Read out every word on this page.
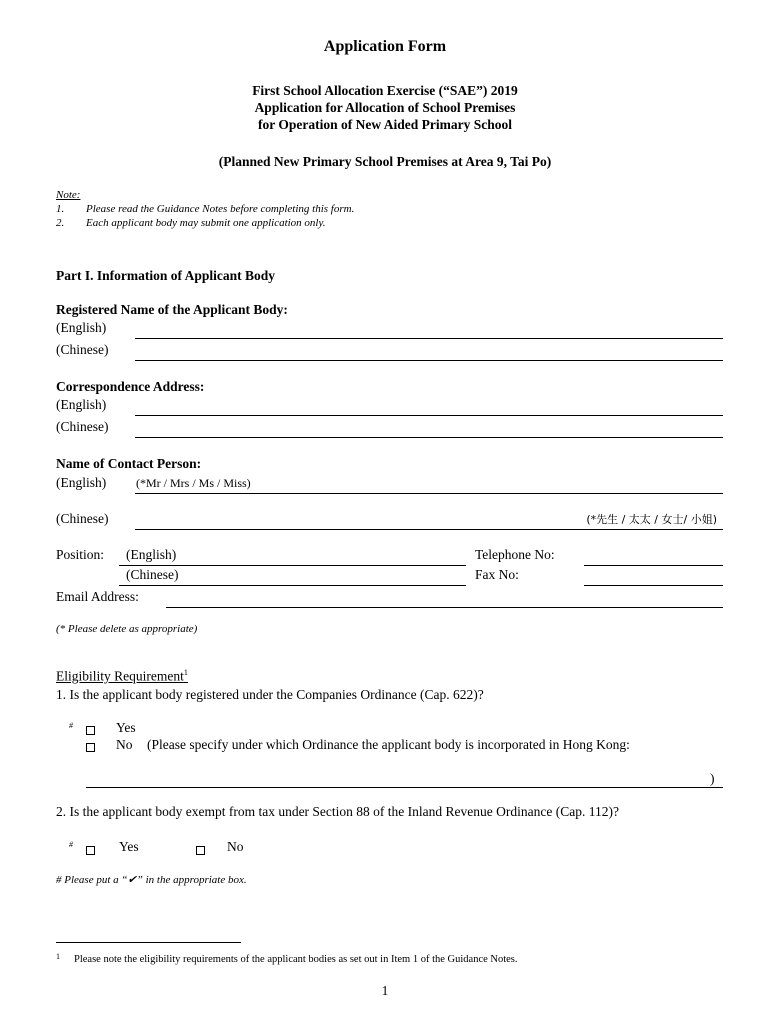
Application Form
First School Allocation Exercise (“SAE”) 2019
Application for Allocation of School Premises
for Operation of New Aided Primary School
(Planned New Primary School Premises at Area 9, Tai Po)
Note:
1. Please read the Guidance Notes before completing this form.
2. Each applicant body may submit one application only.
Part I. Information of Applicant Body
Registered Name of the Applicant Body:
(English)
(Chinese)
Correspondence Address:
(English)
(Chinese)
Name of Contact Person:
(English) (*Mr / Mrs / Ms / Miss)
(Chinese)	(*先生 / 太太 / 女士/ 小姐)
Position: (English)
(Chinese)
Telephone No:
Fax No:
Email Address:
(* Please delete as appropriate)
Eligibility Requirement$^1$
1. Is the applicant body registered under the Companies Ordinance (Cap. 622)?
#	Yes
No (Please specify under which Ordinance the applicant body is incorporated in Hong Kong:
)
2. Is the applicant body exempt from tax under Section 88 of the Inland Revenue Ordinance (Cap. 112)?
#	Yes	No
# Please put a “✔” in the appropriate box.
1 Please note the eligibility requirements of the applicant bodies as set out in Item 1 of the Guidance Notes.
1
